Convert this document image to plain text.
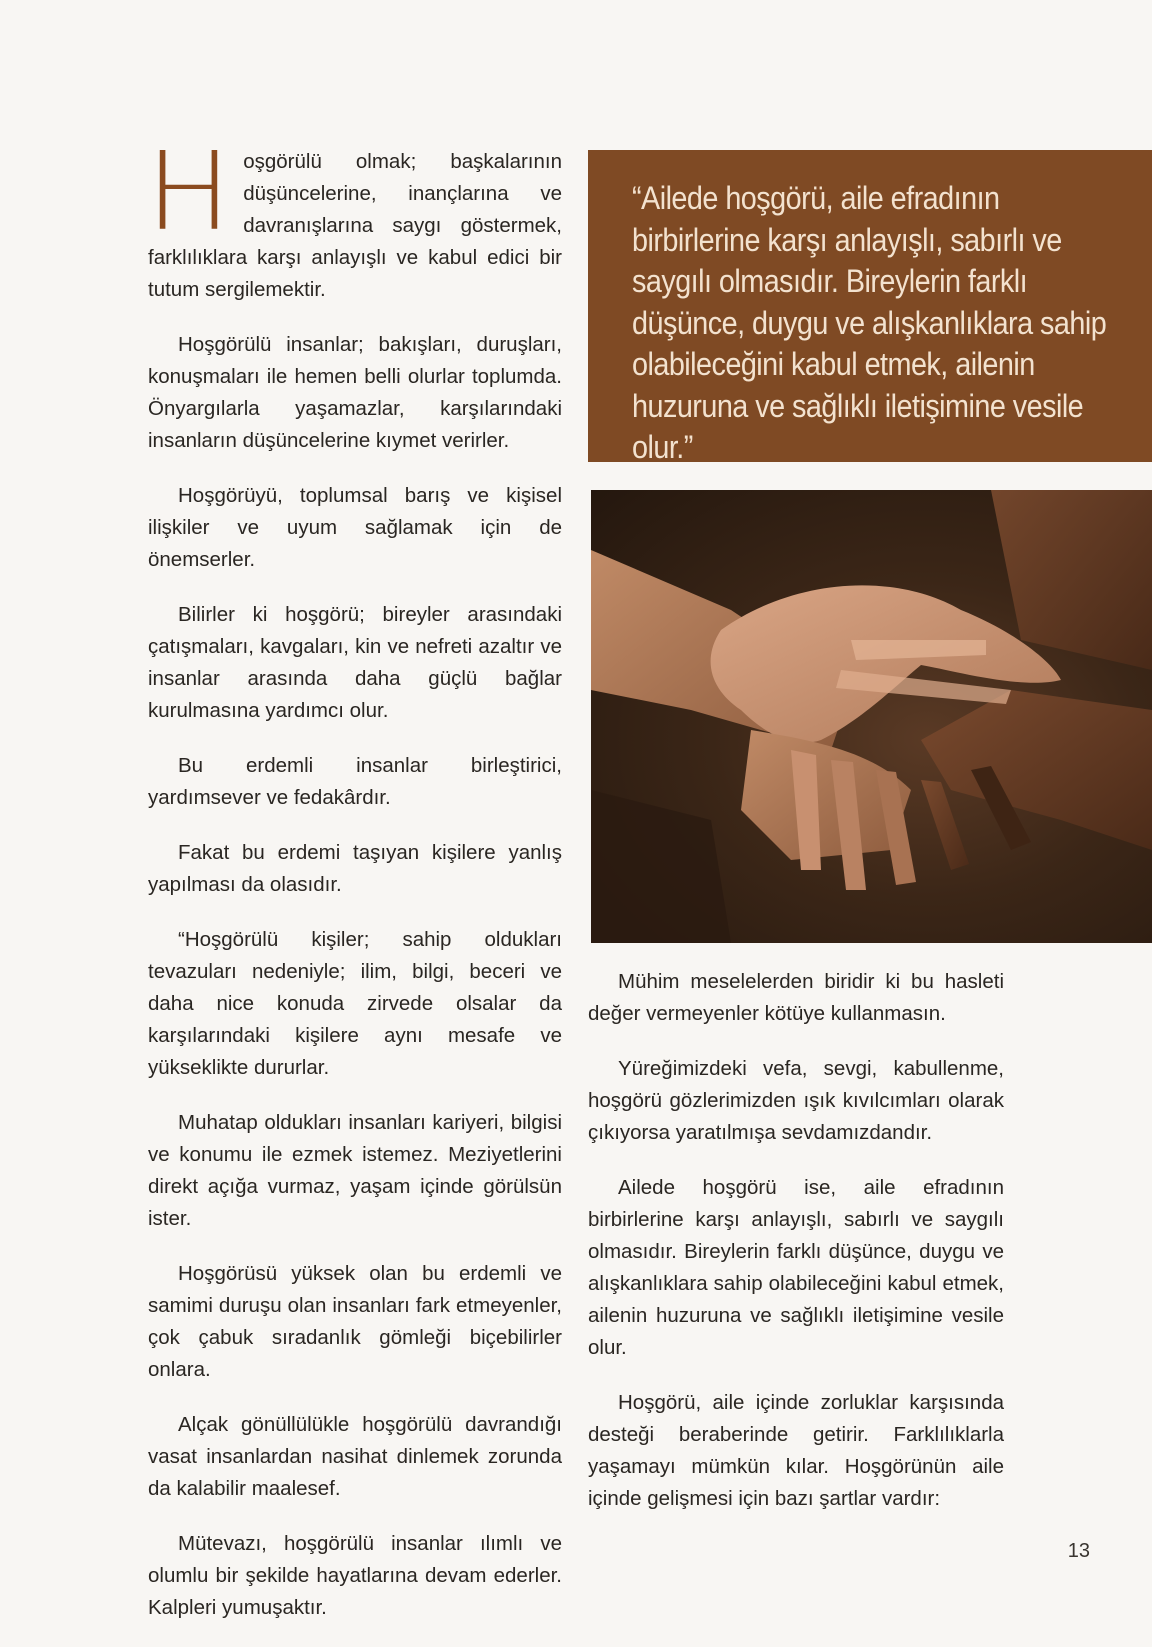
Hoşgörülü olmak; başkalarının düşüncelerine, inançlarına ve davranışlarına saygı göstermek, farklılıklara karşı anlayışlı ve kabul edici bir tutum sergilemektir.

Hoşgörülü insanlar; bakışları, duruşları, konuşmaları ile hemen belli olurlar toplumda. Önyargılarla yaşamazlar, karşılarındaki insanların düşüncelerine kıymet verirler.

Hoşgörüyü, toplumsal barış ve kişisel ilişkiler ve uyum sağlamak için de önemserler.

Bilirler ki hoşgörü; bireyler arasındaki çatışmaları, kavgaları, kin ve nefreti azaltır ve insanlar arasında daha güçlü bağlar kurulmasına yardımcı olur.

Bu erdemli insanlar birleştirici, yardımsever ve fedakârdır.

Fakat bu erdemi taşıyan kişilere yanlış yapılması da olasıdır.

“Hoşgörülü kişiler; sahip oldukları tevazuları nedeniyle; ilim, bilgi, beceri ve daha nice konuda zirvede olsalar da karşılarındaki kişilere aynı mesafe ve yükseklikte dururlar.

Muhatap oldukları insanları kariyeri, bilgisi ve konumu ile ezmek istemez. Meziyetlerini direkt açığa vurmaz, yaşam içinde görülsün ister.

Hoşgörüsü yüksek olan bu erdemli ve samimi duruşu olan insanları fark etmeyenler, çok çabuk sıradanlık gömleği biçebilirler onlara.

Alçak gönüllülükle hoşgörülü davrandığı vasat insanlardan nasihat dinlemek zorunda da kalabilir maalesef.

Mütevazı, hoşgörülü insanlar ılımlı ve olumlu bir şekilde hayatlarına devam ederler. Kalpleri yumuşaktır.

“Ailede hoşgörü, aile efradının birbirlerine karşı anlayışlı, sabırlı ve saygılı olmasıdır. Bireylerin farklı düşünce, duygu ve alışkanlıklara sahip olabileceğini kabul etmek, ailenin huzuruna ve sağlıklı iletişimine vesile olur.”

Mühim meselelerden biridir ki bu hasleti değer vermeyenler kötüye kullanmasın.

Yüreğimizdeki vefa, sevgi, kabullenme, hoşgörü gözlerimizden ışık kıvılcımları olarak çıkıyorsa yaratılmışa sevdamızdandır.

Ailede hoşgörü ise, aile efradının birbirlerine karşı anlayışlı, sabırlı ve saygılı olmasıdır. Bireylerin farklı düşünce, duygu ve alışkanlıklara sahip olabileceğini kabul etmek, ailenin huzuruna ve sağlıklı iletişimine vesile olur.

Hoşgörü, aile içinde zorluklar karşısında desteği beraberinde getirir. Farklılıklarla yaşamayı mümkün kılar. Hoşgörünün aile içinde gelişmesi için bazı şartlar vardır:

13
